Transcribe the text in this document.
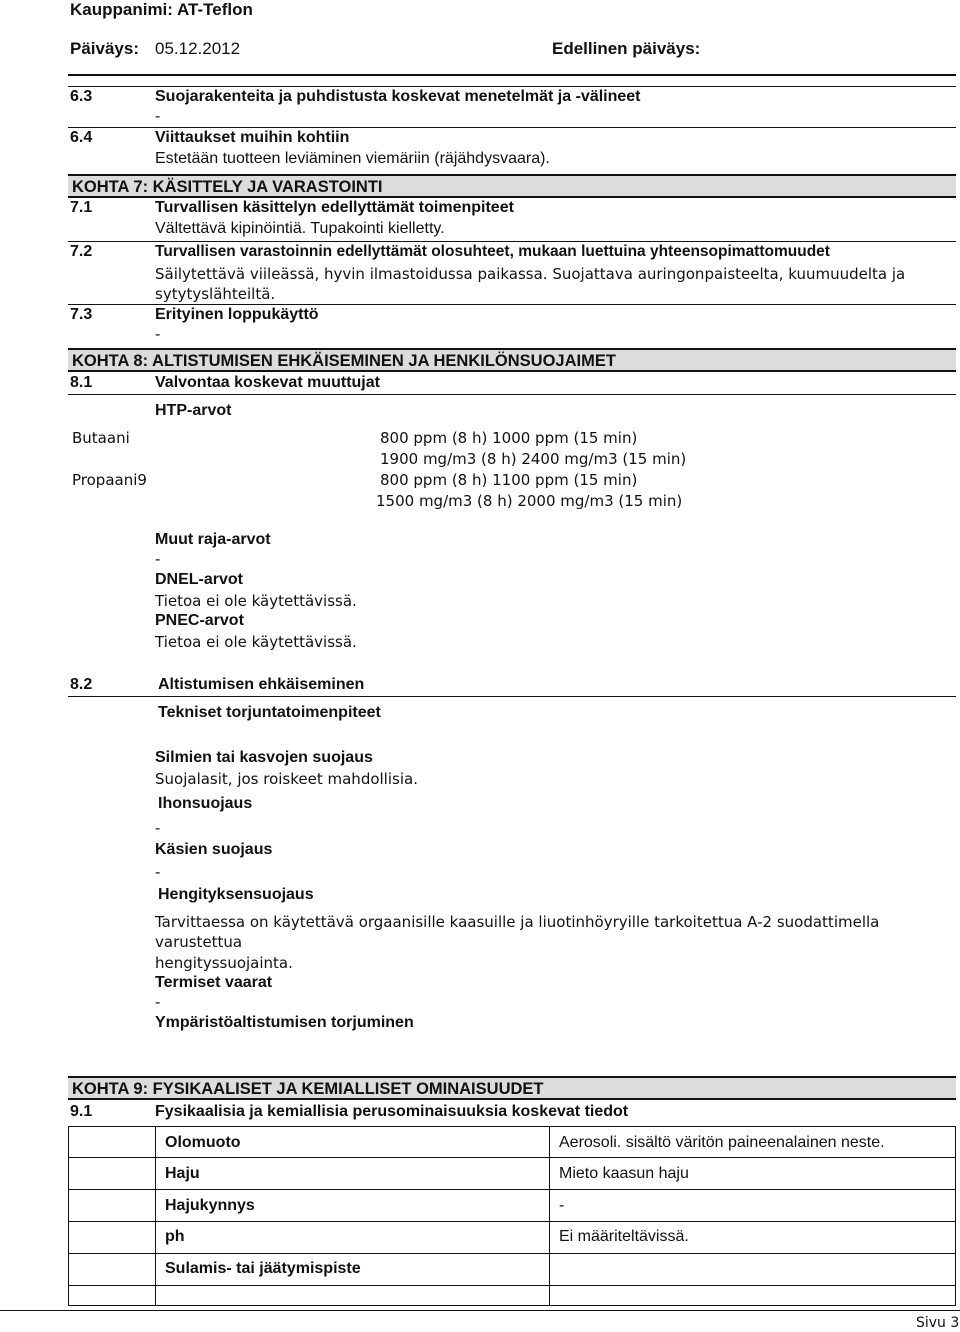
Kauppanimi: AT-Teflon
Päiväys: 05.12.2012	Edellinen päiväys:
6.3	Suojarakenteita ja puhdistusta koskevat menetelmät ja -välineet
-
6.4	Viittaukset muihin kohtiin
Estetään tuotteen leviäminen viemäriin (räjähdysvaara).
KOHTA 7: KÄSITTELY JA VARASTOINTI
7.1	Turvallisen käsittelyn edellyttämät toimenpiteet
Vältettävä kipinöintiä. Tupakointi kielletty.
7.2	Turvallisen varastoinnin edellyttämät olosuhteet, mukaan luettuina yhteensopimattomuudet
Säilytettävä viileässä, hyvin ilmastoidussa paikassa. Suojattava auringonpaisteelta, kuumuudelta ja
sytytyslähteiltä.
7.3	Erityinen loppukäyttö
-
KOHTA 8: ALTISTUMISEN EHKÄISEMINEN JA HENKILÖNSUOJAIMET
8.1	Valvontaa koskevat muuttujat
HTP-arvot
Butaani	800 ppm (8 h) 1000 ppm (15 min)
1900 mg/m3 (8 h) 2400 mg/m3 (15 min)
Propaani9	800 ppm (8 h) 1100 ppm (15 min)
1500 mg/m3 (8 h) 2000 mg/m3 (15 min)
Muut raja-arvot
-
DNEL-arvot
Tietoa ei ole käytettävissä.
PNEC-arvot
Tietoa ei ole käytettävissä.
8.2	Altistumisen ehkäiseminen
Tekniset torjuntatoimenpiteet
Silmien tai kasvojen suojaus
Suojalasit, jos roiskeet mahdollisia.
Ihonsuojaus
-
Käsien suojaus
-
Hengityksensuojaus
Tarvittaessa on käytettävä orgaanisille kaasuille ja liuotinhöyryille tarkoitettua A-2 suodattimella
varustettua
hengityssuojainta.
Termiset vaarat
-
Ympäristöaltistumisen torjuminen
KOHTA 9: FYSIKAALISET JA KEMIALLISET OMINAISUUDET
9.1	Fysikaalisia ja kemiallisia perusominaisuuksia koskevat tiedot
Olomuoto	Aerosoli. sisältö väritön paineenalainen neste.
Haju	Mieto kaasun haju
Hajukynnys	-
ph	Ei määriteltävissä.
Sulamis- tai jäätymispiste
Sivu 3
